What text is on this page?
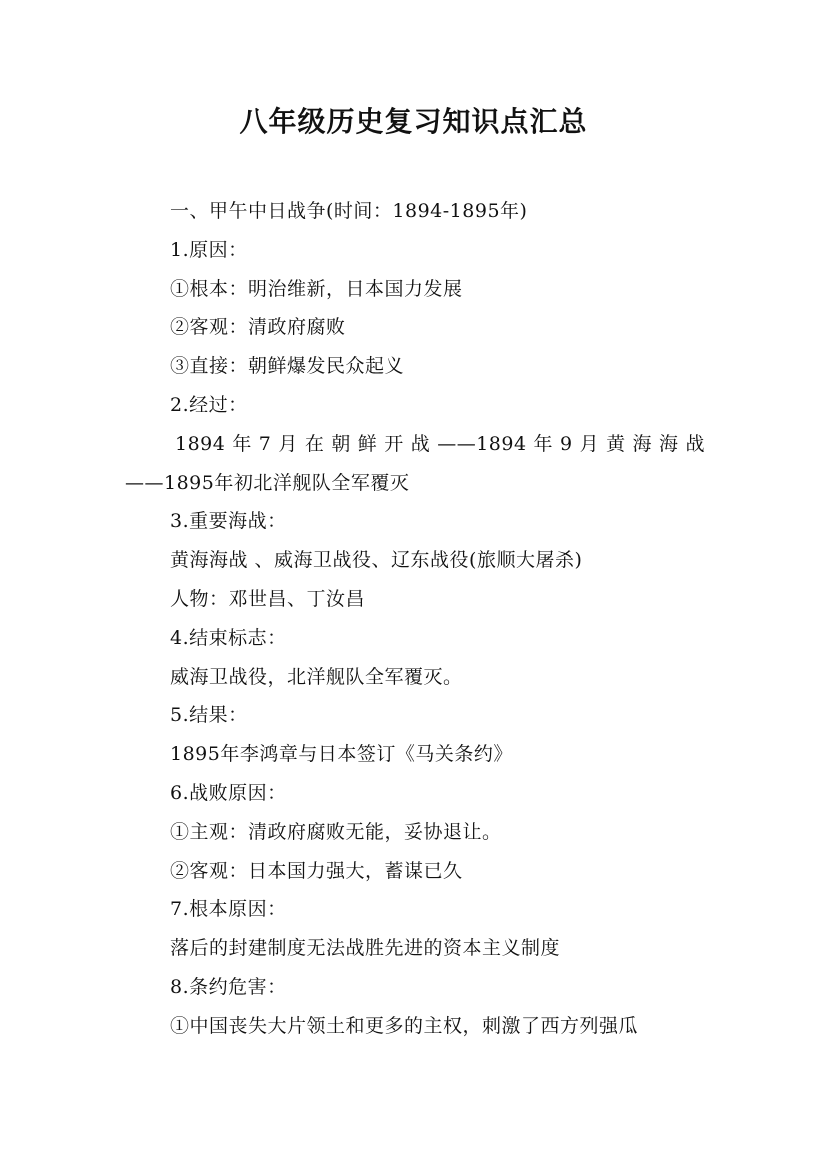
八年级历史复习知识点汇总
一、甲午中日战争(时间：1894-1895年)
1.原因：
①根本：明治维新，日本国力发展
②客观：清政府腐败
③直接：朝鲜爆发民众起义
2.经过：
1894年7月在朝鲜开战——1894年9月黄海海战
——1895年初北洋舰队全军覆灭
3.重要海战：
黄海海战 、威海卫战役、辽东战役(旅顺大屠杀)
人物：邓世昌、丁汝昌
4.结束标志：
威海卫战役，北洋舰队全军覆灭。
5.结果：
1895年李鸿章与日本签订《马关条约》
6.战败原因：
①主观：清政府腐败无能，妥协退让。
②客观：日本国力强大，蓄谋已久
7.根本原因：
落后的封建制度无法战胜先进的资本主义制度
8.条约危害：
①中国丧失大片领土和更多的主权，刺激了西方列强瓜
